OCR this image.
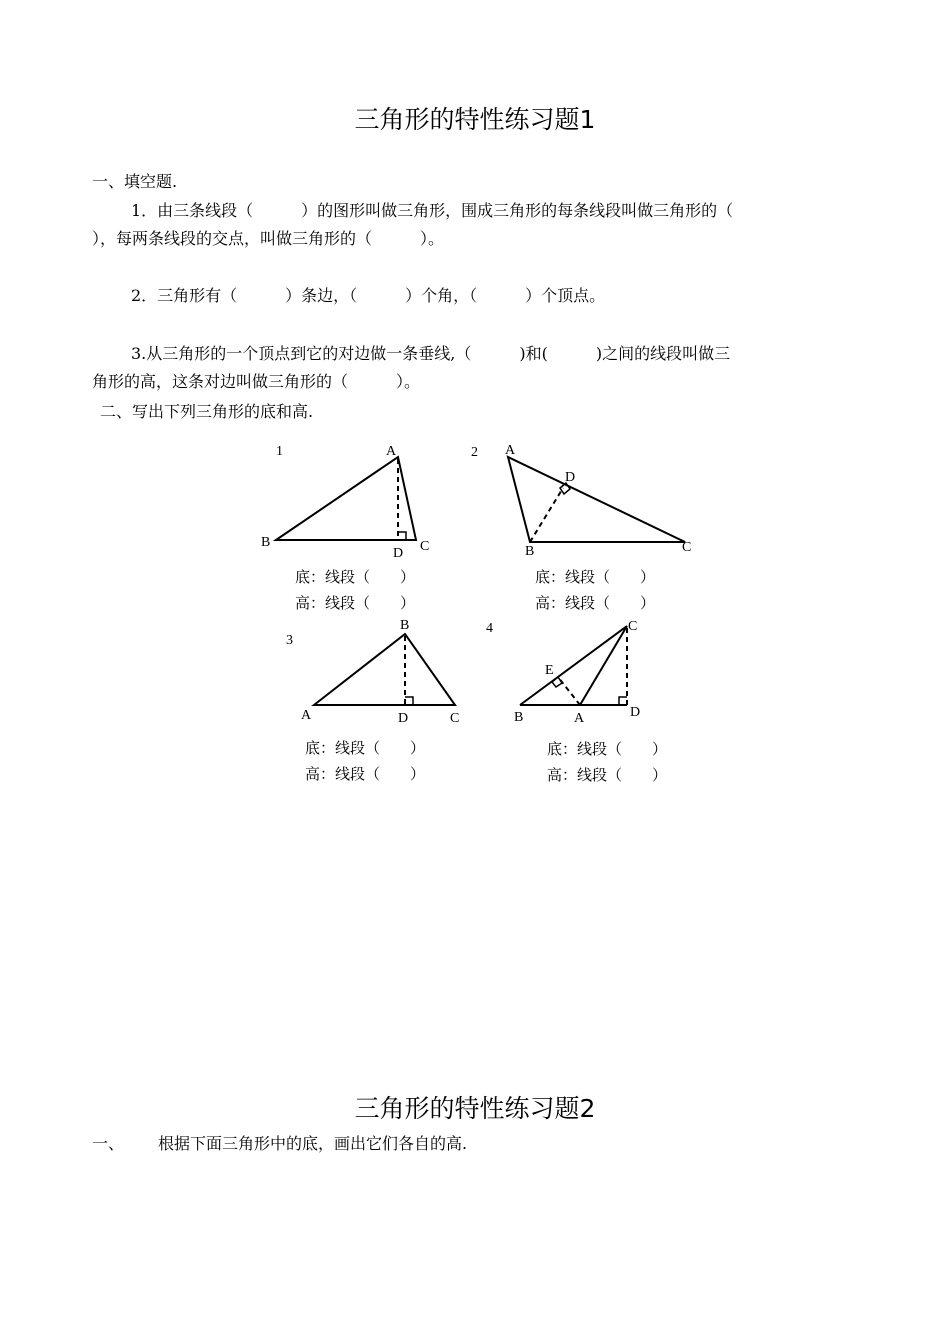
三角形的特性练习题1
一、填空题.
1．由三条线段（　　　）的图形叫做三角形，围成三角形的每条线段叫做三角形的（
），每两条线段的交点，叫做三角形的（　　　）。
2．三角形有（　　　）条边，（　　　）个角，（　　　）个顶点。
3.从三角形的一个顶点到它的对边做一条垂线,（　　　)和(　　　)之间的线段叫做三
角形的高，这条对边叫做三角形的（　　　）。
二、写出下列三角形的底和高.
1	A
B	C
D
底：线段（　　）
高：线段（　　）
2 A
B	C
D
底：线段（　　）
高：线段（　　）
3
B
A	C
D
底：线段（　　）
高：线段（　　）
4	C
B	A	D
E
底：线段（　　）
高：线段（　　）
三角形的特性练习题2
一、 根据下面三角形中的底，画出它们各自的高.
